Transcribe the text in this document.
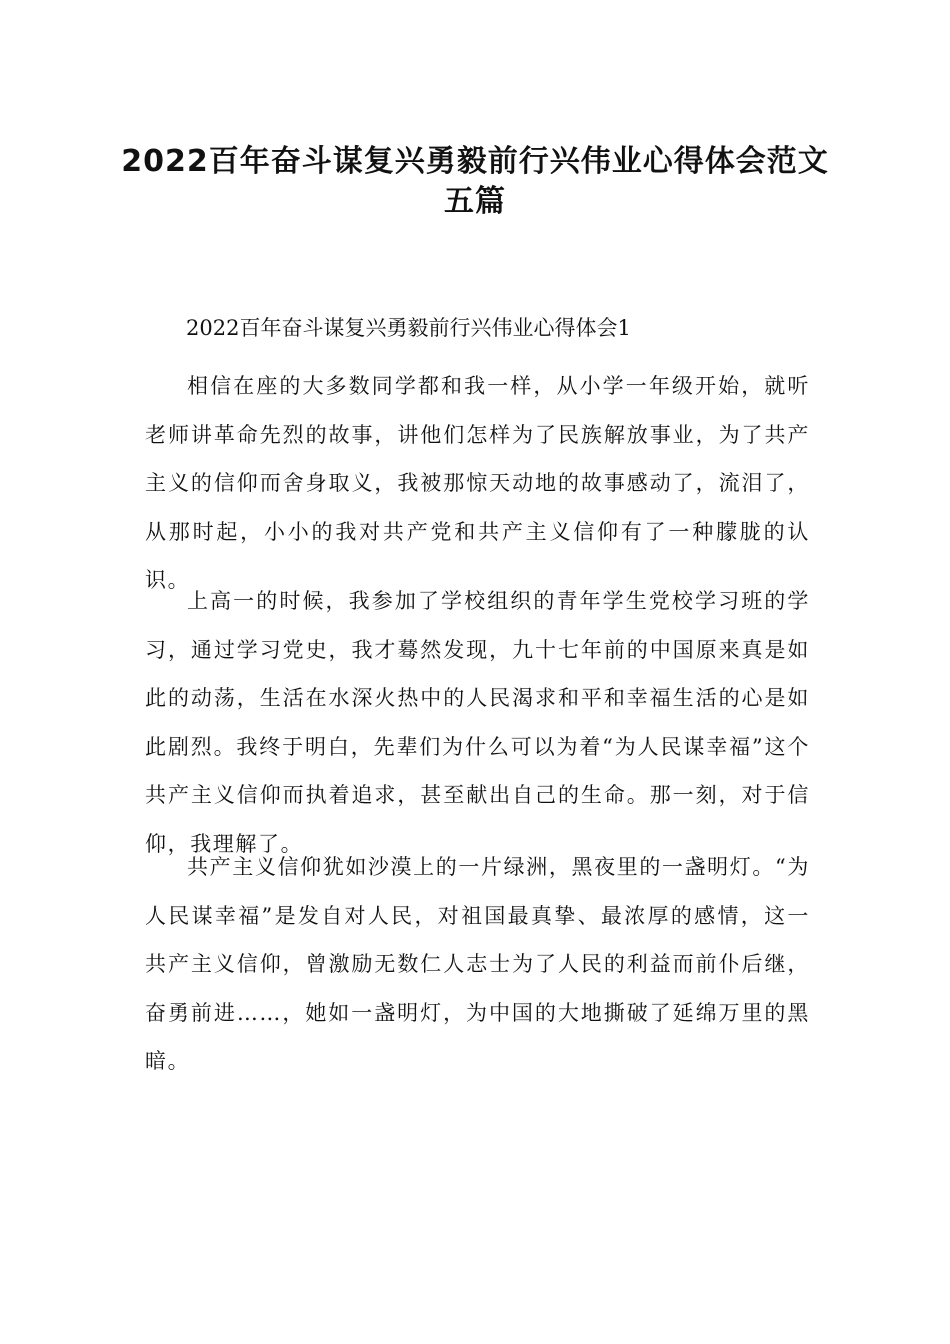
2022百年奋斗谋复兴勇毅前行兴伟业心得体会范文
五篇
2022百年奋斗谋复兴勇毅前行兴伟业心得体会1

相信在座的大多数同学都和我一样，从小学一年级开始，就听老师讲革命先烈的故事，讲他们怎样为了民族解放事业，为了共产主义的信仰而舍身取义，我被那惊天动地的故事感动了，流泪了，从那时起，小小的我对共产党和共产主义信仰有了一种朦胧的认识。

上高一的时候，我参加了学校组织的青年学生党校学习班的学习，通过学习党史，我才蓦然发现，九十七年前的中国原来真是如此的动荡，生活在水深火热中的人民渴求和平和幸福生活的心是如此剧烈。我终于明白，先辈们为什么可以为着“为人民谋幸福”这个共产主义信仰而执着追求，甚至献出自己的生命。那一刻，对于信仰，我理解了。

共产主义信仰犹如沙漠上的一片绿洲，黑夜里的一盏明灯。“为人民谋幸福”是发自对人民，对祖国最真挚、最浓厚的感情，这一共产主义信仰，曾激励无数仁人志士为了人民的利益而前仆后继，奋勇前进……，她如一盏明灯，为中国的大地撕破了延绵万里的黑暗。
